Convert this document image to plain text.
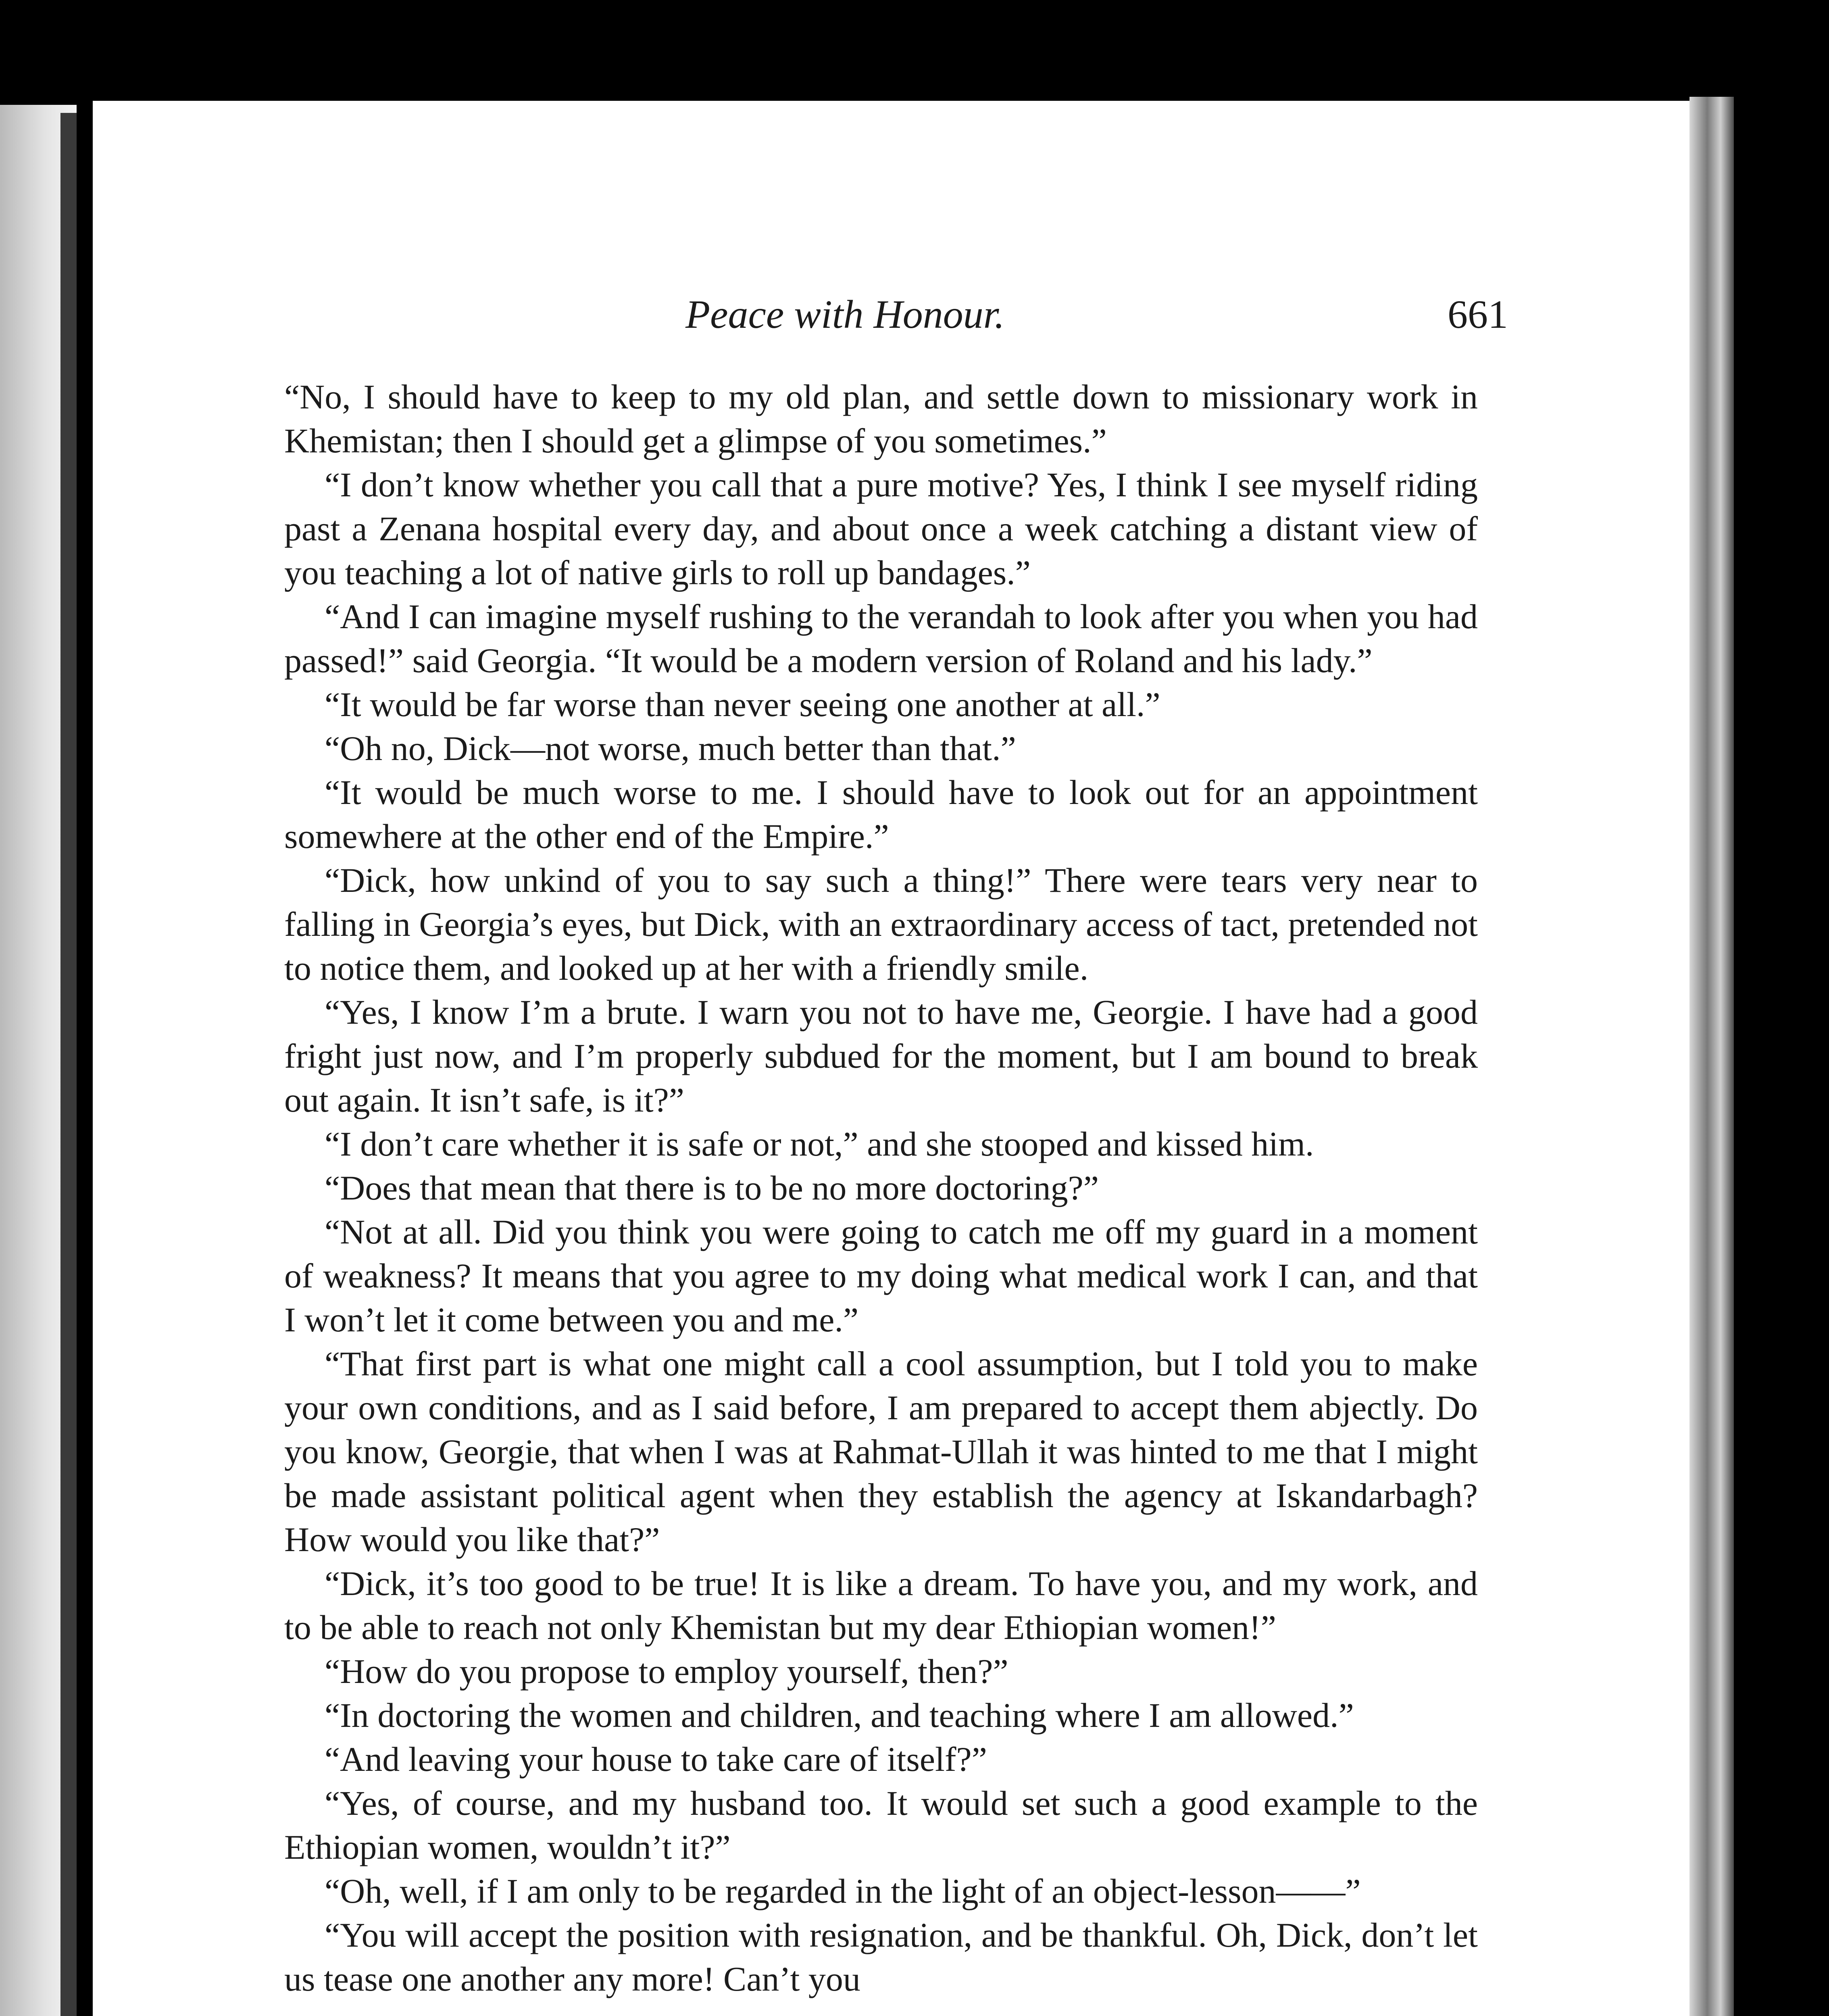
Peace with Honour.	661

“No, I should have to keep to my old plan, and settle down to missionary work in Khemistan; then I should get a glimpse of you sometimes.”

“I don’t know whether you call that a pure motive? Yes, I think I see myself riding past a Zenana hospital every day, and about once a week catching a distant view of you teaching a lot of native girls to roll up bandages.”

“And I can imagine myself rushing to the verandah to look after you when you had passed!” said Georgia. “It would be a modern version of Roland and his lady.”

“It would be far worse than never seeing one another at all.”

“Oh no, Dick—not worse, much better than that.”

“It would be much worse to me. I should have to look out for an appointment somewhere at the other end of the Empire.”

“Dick, how unkind of you to say such a thing!” There were tears very near to falling in Georgia’s eyes, but Dick, with an extraordinary access of tact, pretended not to notice them, and looked up at her with a friendly smile.

“Yes, I know I’m a brute. I warn you not to have me, Georgie. I have had a good fright just now, and I’m properly subdued for the moment, but I am bound to break out again. It isn’t safe, is it?”

“I don’t care whether it is safe or not,” and she stooped and kissed him.

“Does that mean that there is to be no more doctoring?”

“Not at all. Did you think you were going to catch me off my guard in a moment of weakness? It means that you agree to my doing what medical work I can, and that I won’t let it come between you and me.”

“That first part is what one might call a cool assumption, but I told you to make your own conditions, and as I said before, I am prepared to accept them abjectly. Do you know, Georgie, that when I was at Rahmat-Ullah it was hinted to me that I might be made assistant political agent when they establish the agency at Iskandarbagh? How would you like that?”

“Dick, it’s too good to be true! It is like a dream. To have you, and my work, and to be able to reach not only Khemistan but my dear Ethiopian women!”

“How do you propose to employ yourself, then?”

“In doctoring the women and children, and teaching where I am allowed.”

“And leaving your house to take care of itself?”

“Yes, of course, and my husband too. It would set such a good example to the Ethiopian women, wouldn’t it?”

“Oh, well, if I am only to be regarded in the light of an object-lesson——”

“You will accept the position with resignation, and be thankful. Oh, Dick, don’t let us tease one another any more! Can’t you
